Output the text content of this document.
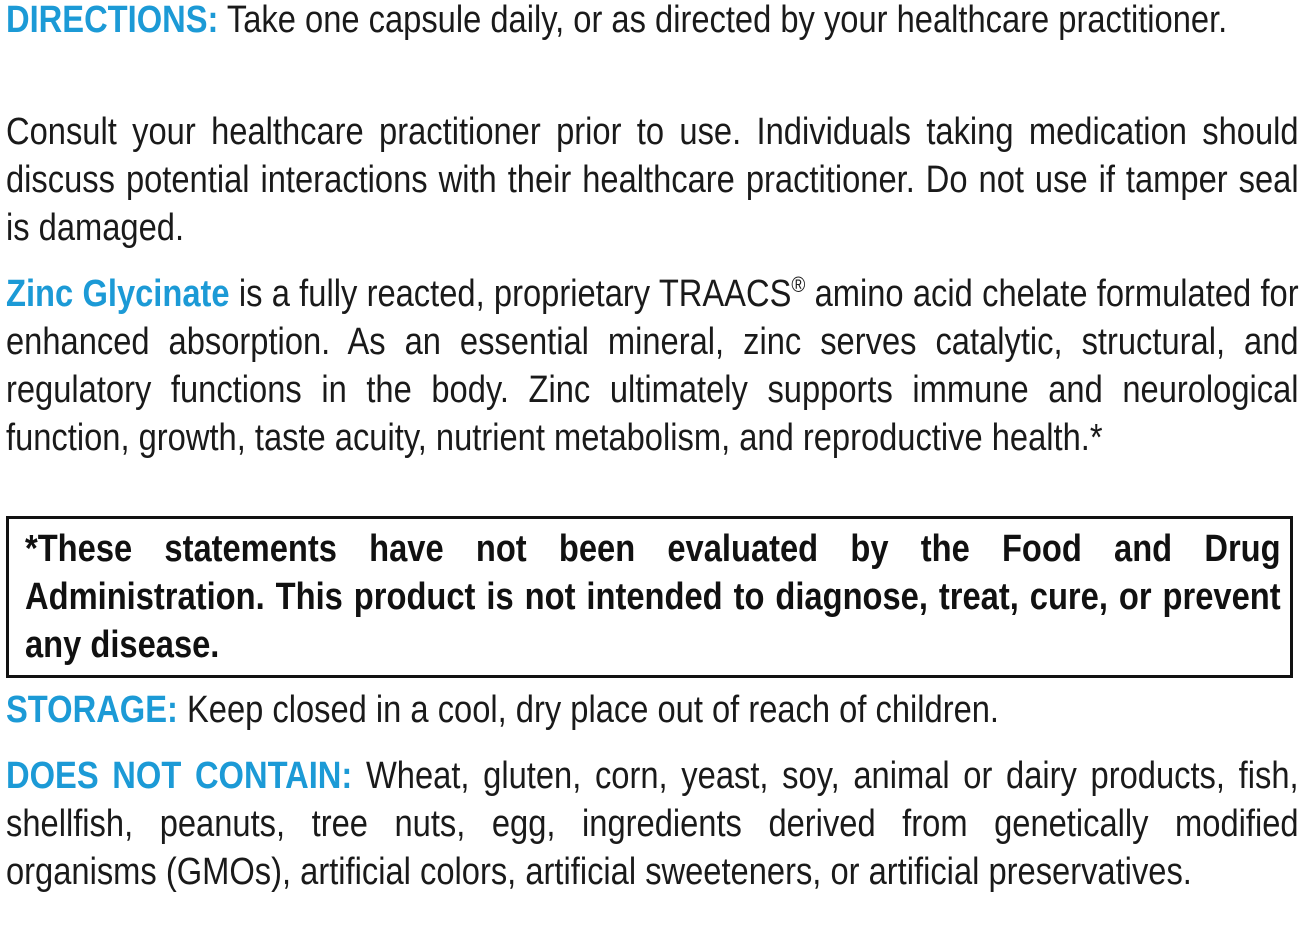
DIRECTIONS: Take one capsule daily, or as directed by your healthcare practitioner.
Consult your healthcare practitioner prior to use. Individuals taking medication should discuss potential interactions with their healthcare practitioner. Do not use if tamper seal is damaged.
Zinc Glycinate is a fully reacted, proprietary TRAACS® amino acid chelate formulated for enhanced absorption. As an essential mineral, zinc serves catalytic, structural, and regulatory functions in the body. Zinc ultimately supports immune and neurological function, growth, taste acuity, nutrient metabolism, and reproductive health.*
*These statements have not been evaluated by the Food and Drug Administration. This product is not intended to diagnose, treat, cure, or prevent any disease.
STORAGE: Keep closed in a cool, dry place out of reach of children.
DOES NOT CONTAIN: Wheat, gluten, corn, yeast, soy, animal or dairy products, fish, shellfish, peanuts, tree nuts, egg, ingredients derived from genetically modified organisms (GMOs), artificial colors, artificial sweeteners, or artificial preservatives.
